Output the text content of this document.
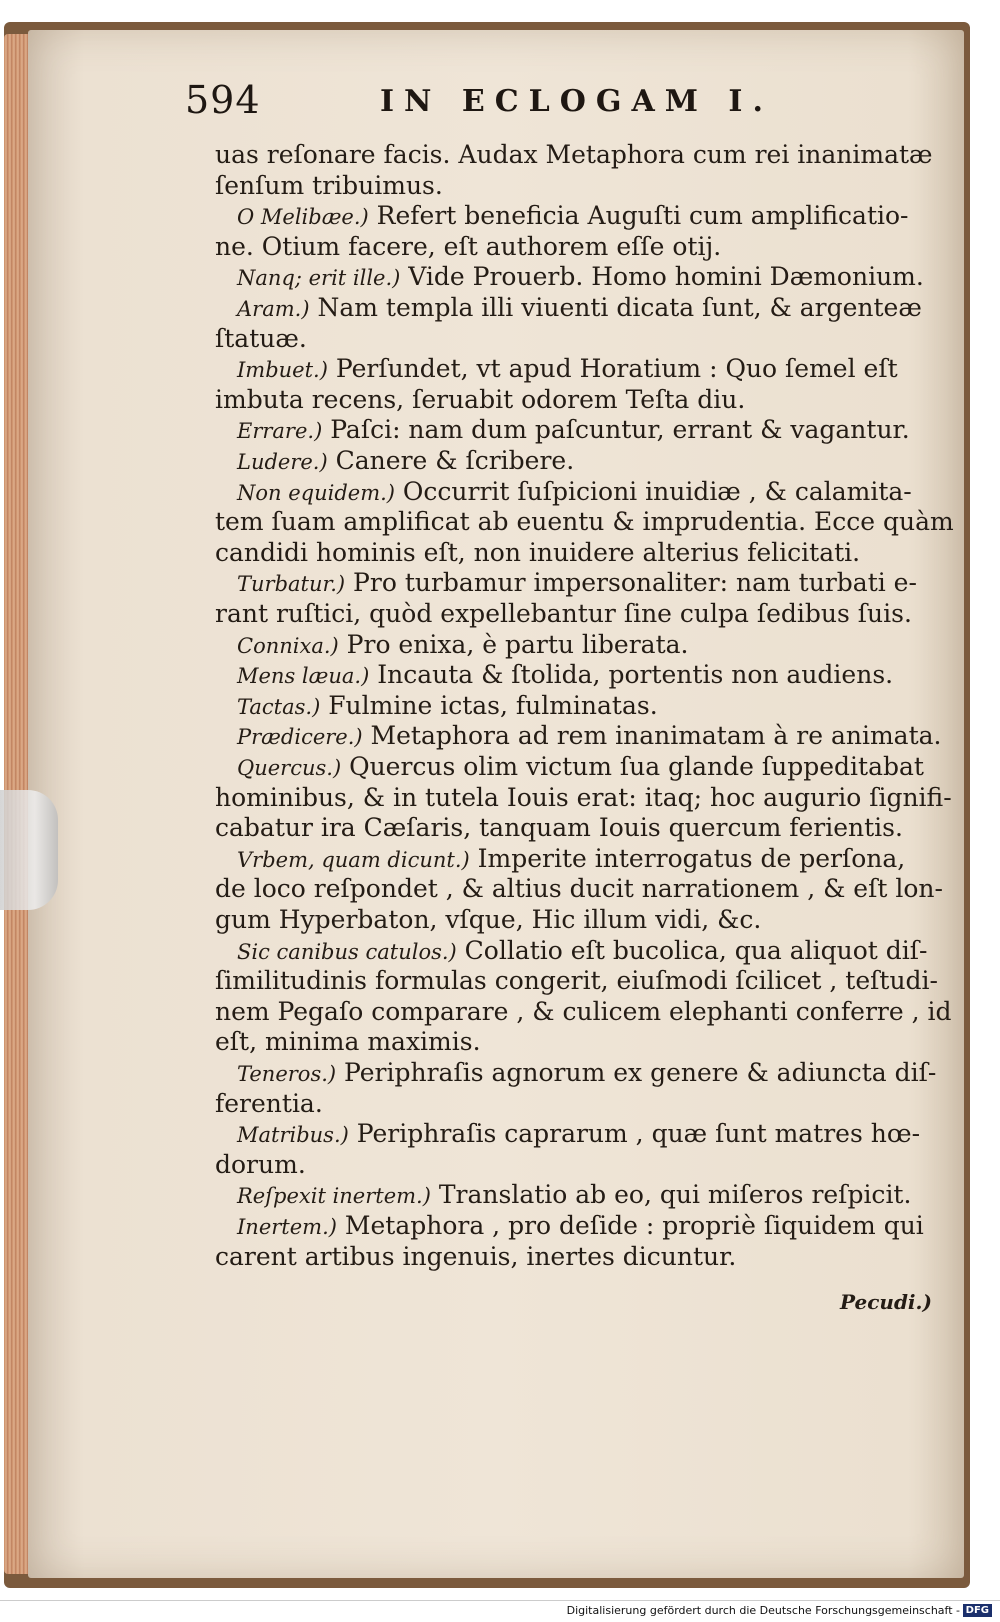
594	IN ECLOGAM I.
uas reſonare facis. Audax Metaphora cum rei inanimatæ
ſenſum tribuimus.
O Melibæe.) Refert beneficia Auguſti cum amplificatio-
ne. Otium facere, eſt authorem eſſe otij.
Nanq; erit ille.) Vide Prouerb. Homo homini Dæmonium.
Aram.) Nam templa illi viuenti dicata ſunt, & argenteæ
ſtatuæ.
Imbuet.) Perſundet, vt apud Horatium : Quo ſemel eſt
imbuta recens, ſeruabit odorem Teſta diu.
Errare.) Paſci: nam dum paſcuntur, errant & vagantur.
Ludere.) Canere & ſcribere.
Non equidem.) Occurrit ſuſpicioni inuidiæ , & calamita-
tem ſuam amplificat ab euentu & imprudentia. Ecce quàm
candidi hominis eſt, non inuidere alterius felicitati.
Turbatur.) Pro turbamur impersonaliter: nam turbati e-
rant ruſtici, quòd expellebantur ſine culpa ſedibus ſuis.
Connixa.) Pro enixa, è partu liberata.
Mens læua.) Incauta & ſtolida, portentis non audiens.
Tactas.) Fulmine ictas, fulminatas.
Prædicere.) Metaphora ad rem inanimatam à re animata.
Quercus.) Quercus olim victum ſua glande ſuppeditabat
hominibus, & in tutela Iouis erat: itaq; hoc augurio ſignifi-
cabatur ira Cæſaris, tanquam Iouis quercum ferientis.
Vrbem, quam dicunt.) Imperite interrogatus de perſona,
de loco reſpondet , & altius ducit narrationem , & eſt lon-
gum Hyperbaton, vſque, Hic illum vidi, &c.
Sic canibus catulos.) Collatio eſt bucolica, qua aliquot diſ-
ſimilitudinis formulas congerit, eiuſmodi ſcilicet , teſtudi-
nem Pegaſo comparare , & culicem elephanti conferre , id
eſt, minima maximis.
Teneros.) Periphraſis agnorum ex genere & adiuncta diſ-
ferentia.
Matribus.) Periphraſis caprarum , quæ ſunt matres hœ-
dorum.
Reſpexit inertem.) Translatio ab eo, qui miſeros reſpicit.
Inertem.) Metaphora , pro deſide : propriè ſiquidem qui
carent artibus ingenuis, inertes dicuntur.
Pecudi.)
Digitalisierung gefördert durch die Deutsche Forschungsgemeinschaft - DFG
